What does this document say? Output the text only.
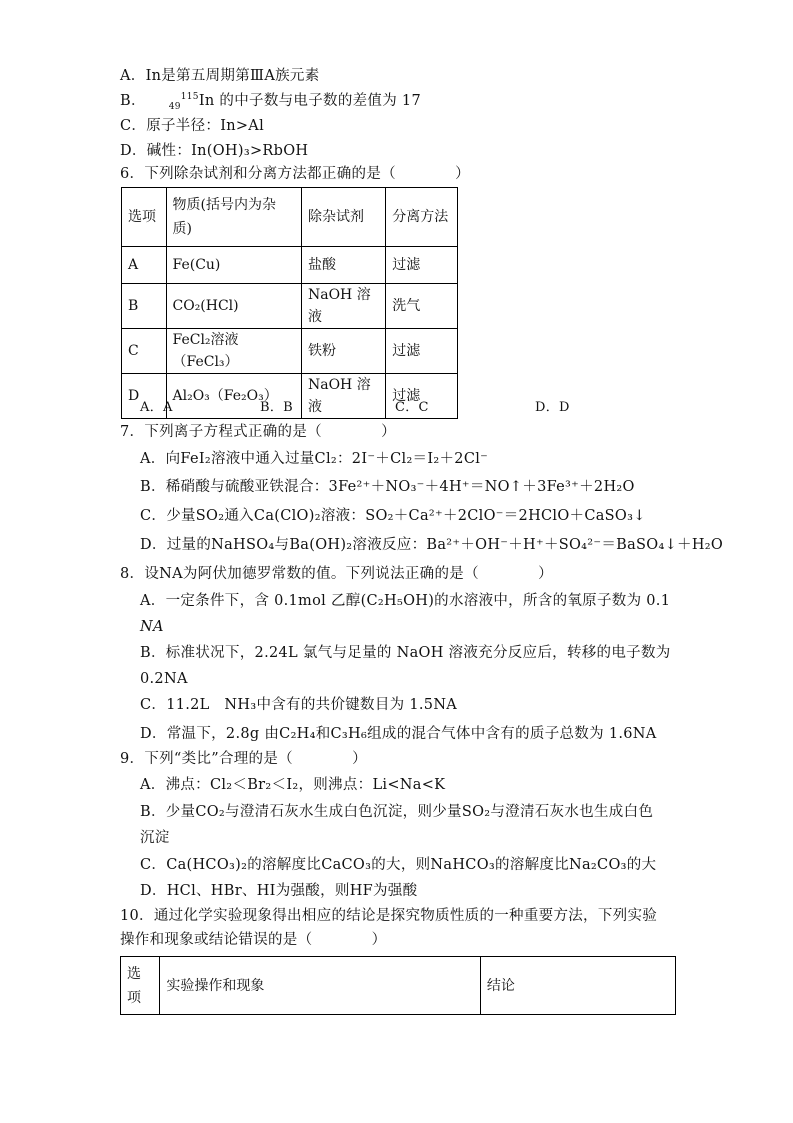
A．In是第五周期第ⅢA族元素
B．	$_{49}^{115}$In 的中子数与电子数的差值为 17
C．原子半径：In>Al
D．碱性：In(OH)₃>RbOH
6．下列除杂试剂和分离方法都正确的是（　　　　）
选项	物质(括号内为杂质)	除杂试剂	分离方法
A	Fe(Cu)	盐酸	过滤
B	CO₂(HCl)	NaOH 溶液	洗气
C	FeCl₂溶液（FeCl₃）	铁粉	过滤
D	Al₂O₃（Fe₂O₃）	NaOH 溶液	过滤
A．A	B．B	C．C	D．D
7．下列离子方程式正确的是（　　　　）
A．向FeI₂溶液中通入过量Cl₂：2I⁻＋Cl₂＝I₂＋2Cl⁻
B．稀硝酸与硫酸亚铁混合：3Fe²⁺＋NO₃⁻＋4H⁺＝NO↑＋3Fe³⁺＋2H₂O
C．少量SO₂通入Ca(ClO)₂溶液：SO₂＋Ca²⁺＋2ClO⁻＝2HClO＋CaSO₃↓
D．过量的NaHSO₄与Ba(OH)₂溶液反应：Ba²⁺＋OH⁻＋H⁺＋SO₄²⁻＝BaSO₄↓＋H₂O
8．设NA为阿伏加德罗常数的值。下列说法正确的是（　　　　）
A．一定条件下，含 0.1mol 乙醇(C₂H₅OH)的水溶液中，所含的氧原子数为 0.1
NA
B．标准状况下，2.24L 氯气与足量的 NaOH 溶液充分反应后，转移的电子数为
0.2NA
C．11.2L　NH₃中含有的共价键数目为 1.5NA
D．常温下，2.8g 由C₂H₄和C₃H₆组成的混合气体中含有的质子总数为 1.6NA
9．下列“类比”合理的是（　　　　）
A．沸点：Cl₂＜Br₂＜I₂，则沸点：Li<Na<K
B．少量CO₂与澄清石灰水生成白色沉淀，则少量SO₂与澄清石灰水也生成白色
沉淀
C．Ca(HCO₃)₂的溶解度比CaCO₃的大，则NaHCO₃的溶解度比Na₂CO₃的大
D．HCl、HBr、HI为强酸，则HF为强酸
10．通过化学实验现象得出相应的结论是探究物质性质的一种重要方法，下列实验
操作和现象或结论错误的是（　　　　）
选项	实验操作和现象	结论
